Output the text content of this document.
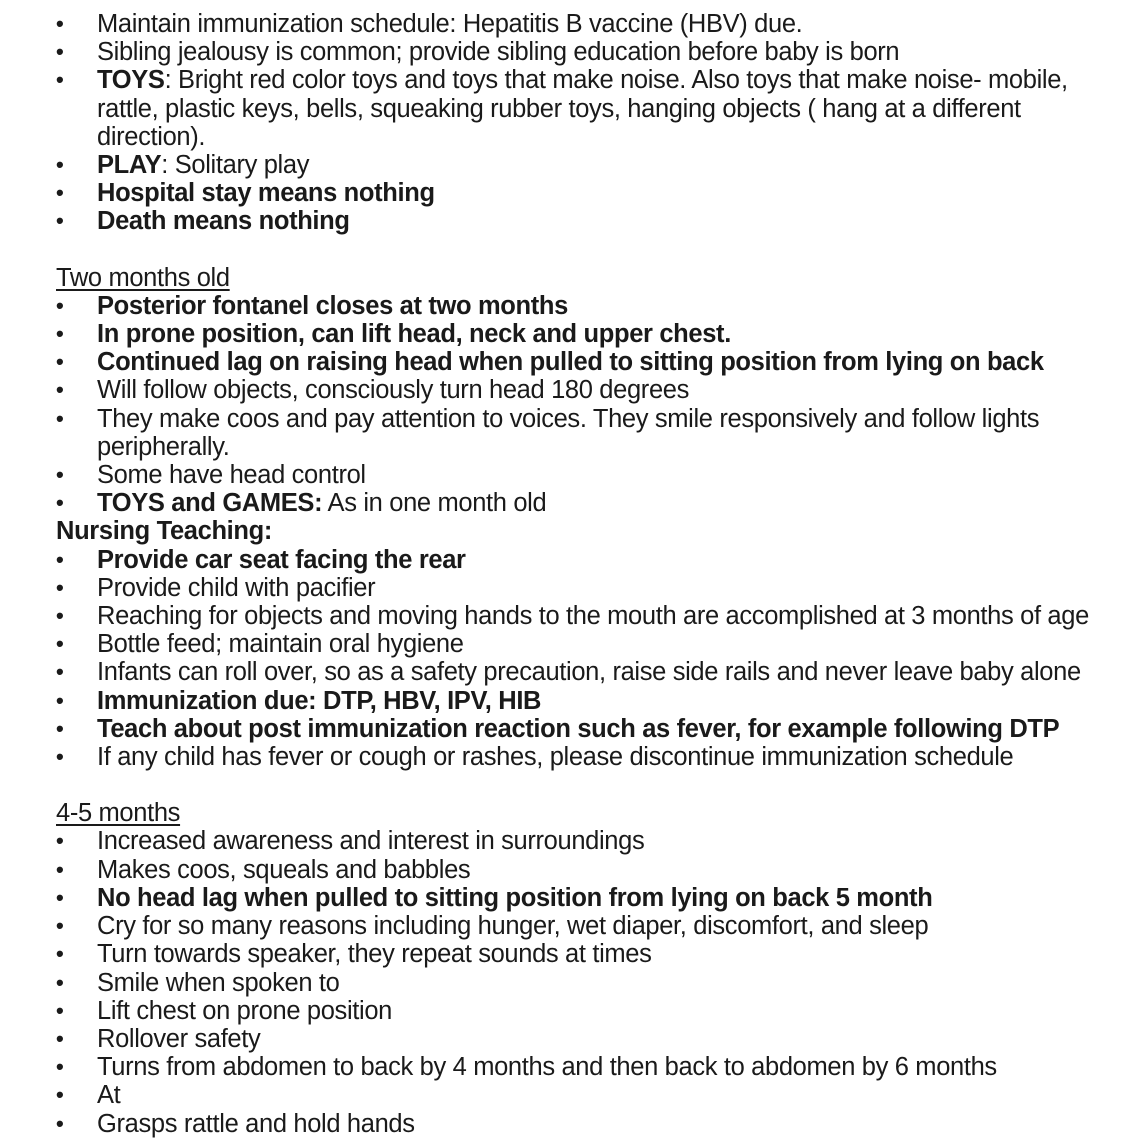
• Maintain immunization schedule: Hepatitis B vaccine (HBV) due.
• Sibling jealousy is common; provide sibling education before baby is born
• TOYS: Bright red color toys and toys that make noise. Also toys that make noise- mobile, rattle, plastic keys, bells, squeaking rubber toys, hanging objects ( hang at a different direction).
• PLAY: Solitary play
• Hospital stay means nothing
• Death means nothing
Two months old
• Posterior fontanel closes at two months
• In prone position, can lift head, neck and upper chest.
• Continued lag on raising head when pulled to sitting position from lying on back
• Will follow objects, consciously turn head 180 degrees
• They make coos and pay attention to voices. They smile responsively and follow lights peripherally.
• Some have head control
• TOYS and GAMES: As in one month old
Nursing Teaching:
• Provide car seat facing the rear
• Provide child with pacifier
• Reaching for objects and moving hands to the mouth are accomplished at 3 months of age
• Bottle feed; maintain oral hygiene
• Infants can roll over, so as a safety precaution, raise side rails and never leave baby alone
• Immunization due: DTP, HBV, IPV, HIB
• Teach about post immunization reaction such as fever, for example following DTP
• If any child has fever or cough or rashes, please discontinue immunization schedule
4-5 months
• Increased awareness and interest in surroundings
• Makes coos, squeals and babbles
• No head lag when pulled to sitting position from lying on back 5 month
• Cry for so many reasons including hunger, wet diaper, discomfort, and sleep
• Turn towards speaker, they repeat sounds at times
• Smile when spoken to
• Lift chest on prone position
• Rollover safety
• Turns from abdomen to back by 4 months and then back to abdomen by 6 months
• At
• Grasps rattle and hold hands
